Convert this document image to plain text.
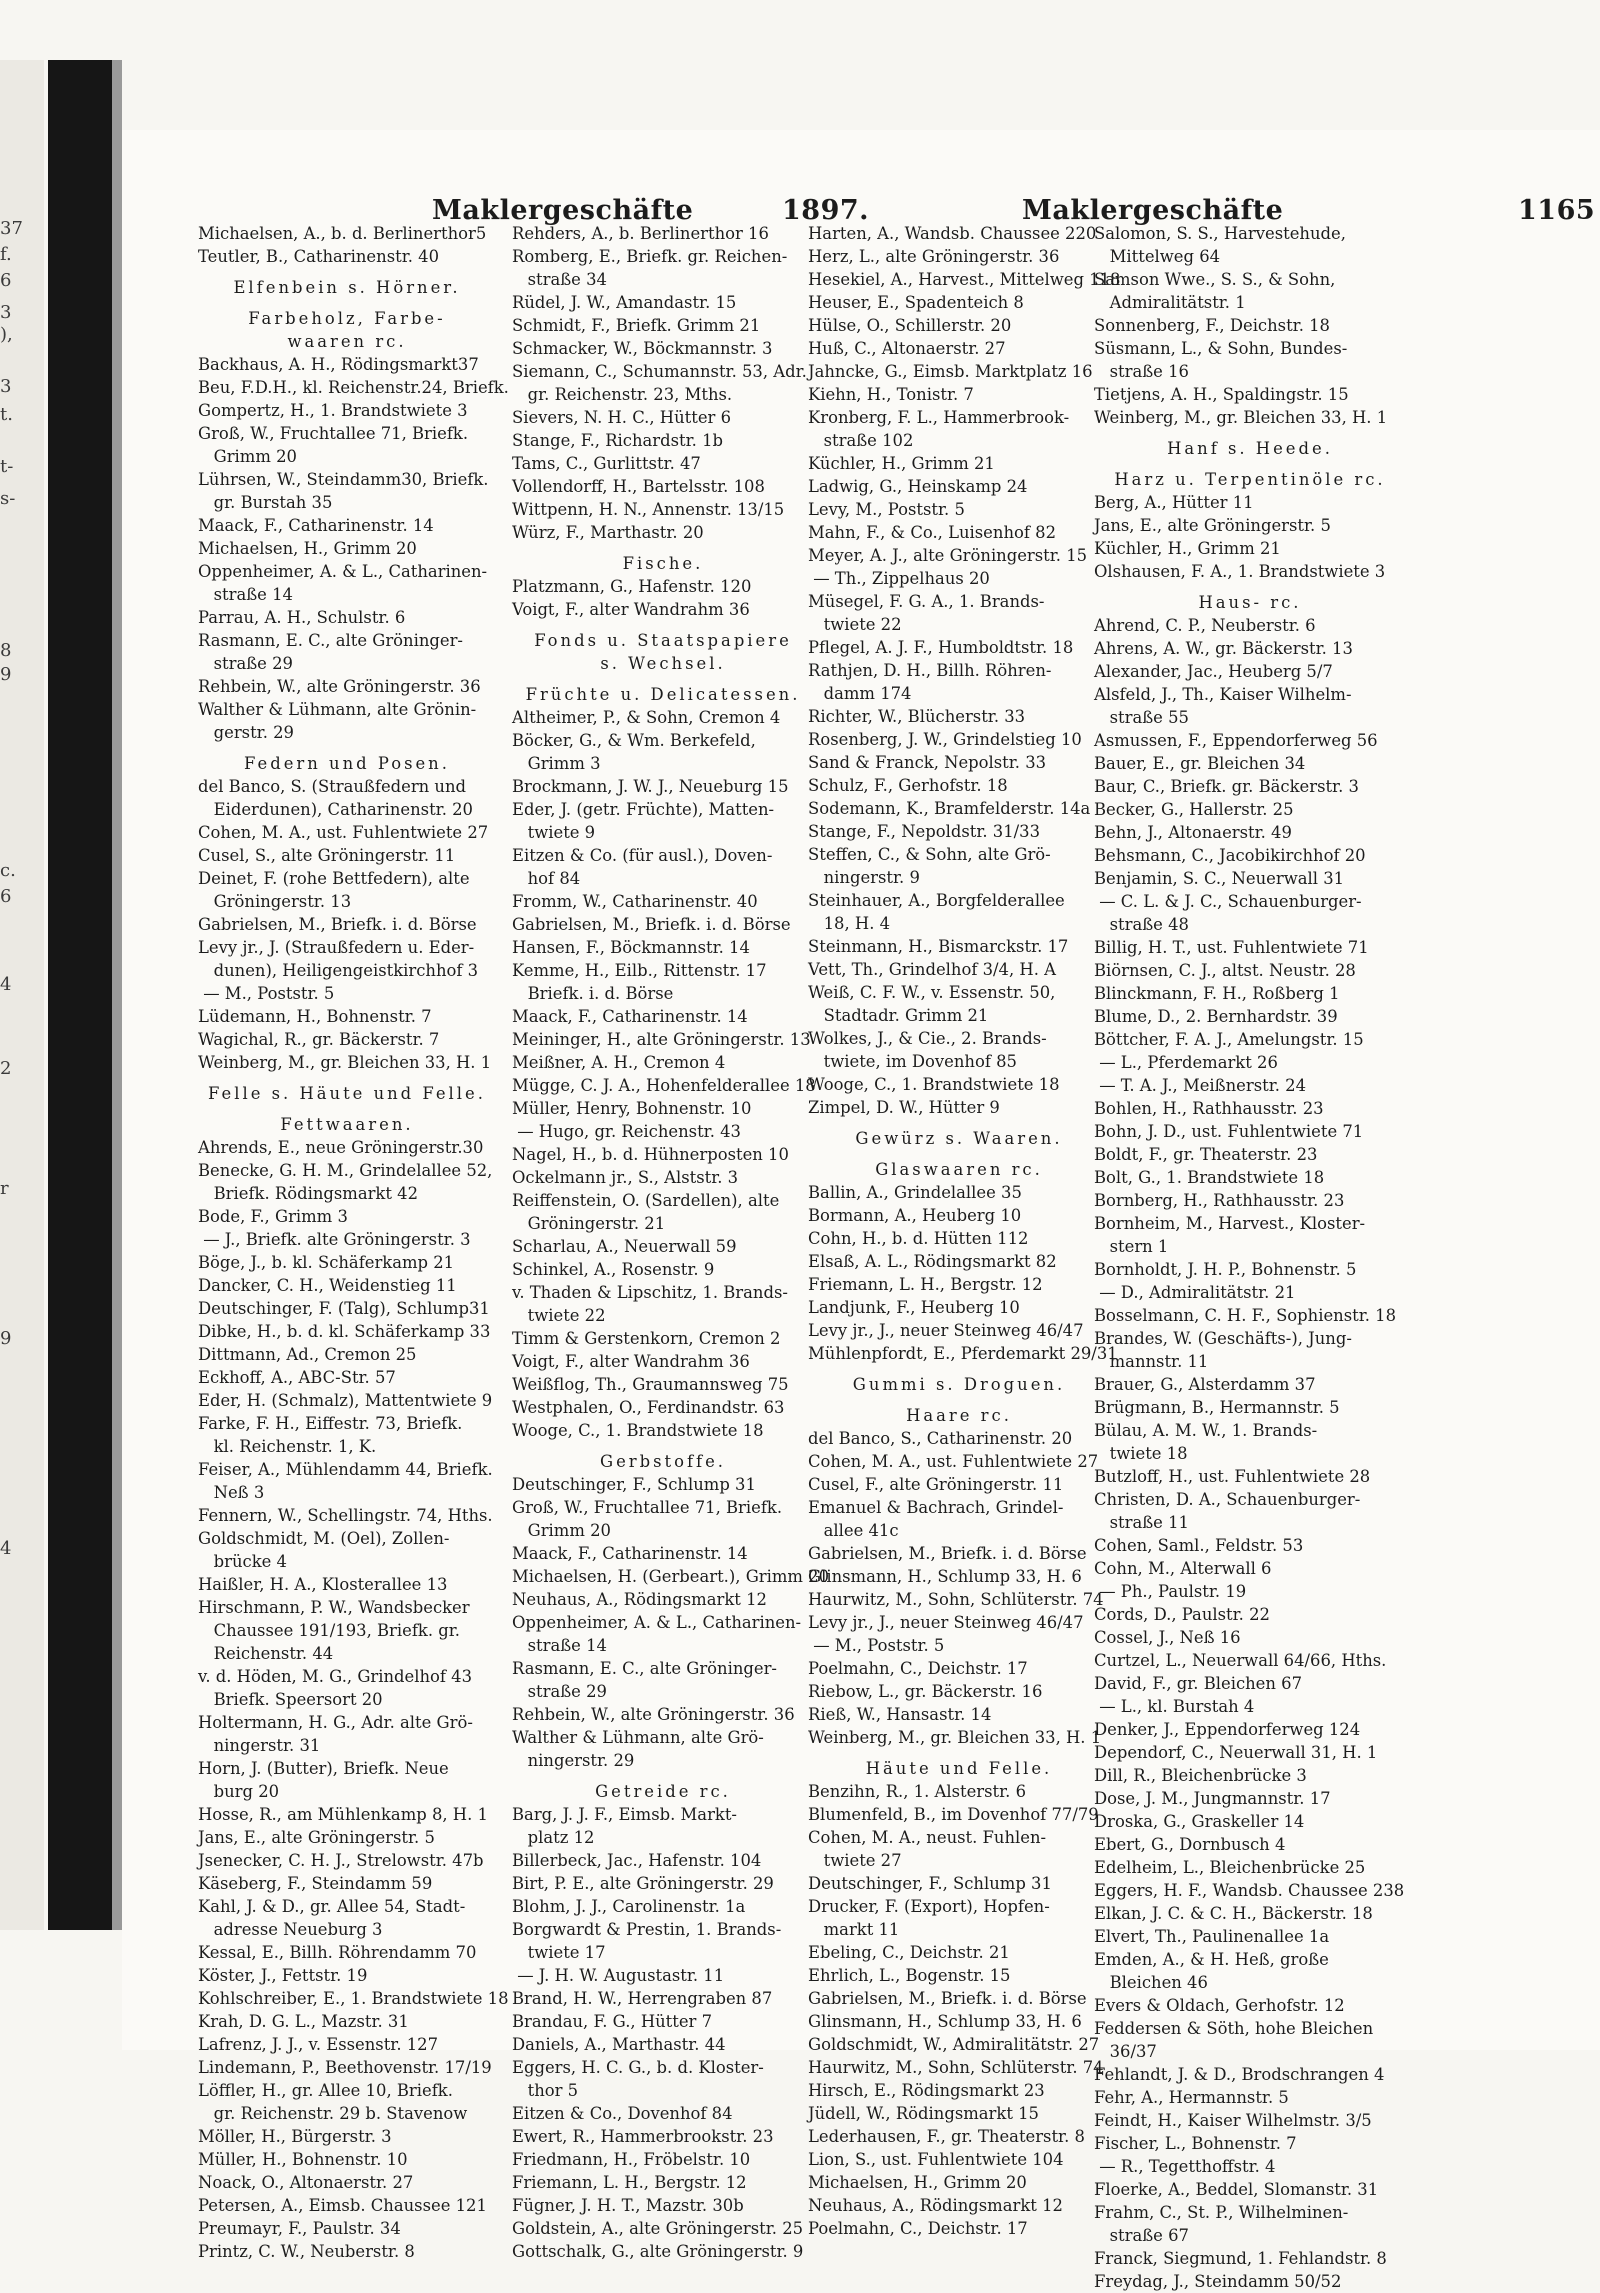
37
f.
6
3
),
3
t.
t-
s-
8
9
c.
6
4
2
r
9
4
Maklergeschäfte	1897.	Maklergeschäfte	1165
Michaelsen, A., b. d. Berlinerthor5
Teutler, B., Catharinenstr. 40
Elfenbein s. Hörner.
Farbeholz, Farbe-
waaren rc.
Backhaus, A. H., Rödingsmarkt37
Beu, F.D.H., kl. Reichenstr.24, Briefk.
Gompertz, H., 1. Brandstwiete 3
Groß, W., Fruchtallee 71, Briefk.
Grimm 20
Lührsen, W., Steindamm30, Briefk.
gr. Burstah 35
Maack, F., Catharinenstr. 14
Michaelsen, H., Grimm 20
Oppenheimer, A. & L., Catharinen-
straße 14
Parrau, A. H., Schulstr. 6
Rasmann, E. C., alte Gröninger-
straße 29
Rehbein, W., alte Gröningerstr. 36
Walther & Lühmann, alte Grönin-
gerstr. 29
Federn und Posen.
del Banco, S. (Straußfedern und
Eiderdunen), Catharinenstr. 20
Cohen, M. A., ust. Fuhlentwiete 27
Cusel, S., alte Gröningerstr. 11
Deinet, F. (rohe Bettfedern), alte
Gröningerstr. 13
Gabrielsen, M., Briefk. i. d. Börse
Levy jr., J. (Straußfedern u. Eder-
dunen), Heiligengeistkirchhof 3
— M., Poststr. 5
Lüdemann, H., Bohnenstr. 7
Wagichal, R., gr. Bäckerstr. 7
Weinberg, M., gr. Bleichen 33, H. 1
Felle s. Häute und Felle.
Fettwaaren.
Ahrends, E., neue Gröningerstr.30
Benecke, G. H. M., Grindelallee 52,
Briefk. Rödingsmarkt 42
Bode, F., Grimm 3
— J., Briefk. alte Gröningerstr. 3
Böge, J., b. kl. Schäferkamp 21
Dancker, C. H., Weidenstieg 11
Deutschinger, F. (Talg), Schlump31
Dibke, H., b. d. kl. Schäferkamp 33
Dittmann, Ad., Cremon 25
Eckhoff, A., ABC-Str. 57
Eder, H. (Schmalz), Mattentwiete 9
Farke, F. H., Eiffestr. 73, Briefk.
kl. Reichenstr. 1, K.
Feiser, A., Mühlendamm 44, Briefk.
Neß 3
Fennern, W., Schellingstr. 74, Hths.
Goldschmidt, M. (Oel), Zollen-
brücke 4
Haißler, H. A., Klosterallee 13
Hirschmann, P. W., Wandsbecker
Chaussee 191/193, Briefk. gr.
Reichenstr. 44
v. d. Höden, M. G., Grindelhof 43
Briefk. Speersort 20
Holtermann, H. G., Adr. alte Grö-
ningerstr. 31
Horn, J. (Butter), Briefk. Neue
burg 20
Hosse, R., am Mühlenkamp 8, H. 1
Jans, E., alte Gröningerstr. 5
Jsenecker, C. H. J., Strelowstr. 47b
Käseberg, F., Steindamm 59
Kahl, J. & D., gr. Allee 54, Stadt-
adresse Neueburg 3
Kessal, E., Billh. Röhrendamm 70
Köster, J., Fettstr. 19
Kohlschreiber, E., 1. Brandstwiete 18
Krah, D. G. L., Mazstr. 31
Lafrenz, J. J., v. Essenstr. 127
Lindemann, P., Beethovenstr. 17/19
Löffler, H., gr. Allee 10, Briefk.
gr. Reichenstr. 29 b. Stavenow
Möller, H., Bürgerstr. 3
Müller, H., Bohnenstr. 10
Noack, O., Altonaerstr. 27
Petersen, A., Eimsb. Chaussee 121
Preumayr, F., Paulstr. 34
Printz, C. W., Neuberstr. 8
Rehders, A., b. Berlinerthor 16
Romberg, E., Briefk. gr. Reichen-
straße 34
Rüdel, J. W., Amandastr. 15
Schmidt, F., Briefk. Grimm 21
Schmacker, W., Böckmannstr. 3
Siemann, C., Schumannstr. 53, Adr.
gr. Reichenstr. 23, Mths.
Sievers, N. H. C., Hütter 6
Stange, F., Richardstr. 1b
Tams, C., Gurlittstr. 47
Vollendorff, H., Bartelsstr. 108
Wittpenn, H. N., Annenstr. 13/15
Würz, F., Marthastr. 20
Fische.
Platzmann, G., Hafenstr. 120
Voigt, F., alter Wandrahm 36
Fonds u. Staatspapiere
s. Wechsel.
Früchte u. Delicatessen.
Altheimer, P., & Sohn, Cremon 4
Böcker, G., & Wm. Berkefeld,
Grimm 3
Brockmann, J. W. J., Neueburg 15
Eder, J. (getr. Früchte), Matten-
twiete 9
Eitzen & Co. (für ausl.), Doven-
hof 84
Fromm, W., Catharinenstr. 40
Gabrielsen, M., Briefk. i. d. Börse
Hansen, F., Böckmannstr. 14
Kemme, H., Eilb., Rittenstr. 17
Briefk. i. d. Börse
Maack, F., Catharinenstr. 14
Meininger, H., alte Gröningerstr. 13
Meißner, A. H., Cremon 4
Mügge, C. J. A., Hohenfelderallee 18
Müller, Henry, Bohnenstr. 10
— Hugo, gr. Reichenstr. 43
Nagel, H., b. d. Hühnerposten 10
Ockelmann jr., S., Alststr. 3
Reiffenstein, O. (Sardellen), alte
Gröningerstr. 21
Scharlau, A., Neuerwall 59
Schinkel, A., Rosenstr. 9
v. Thaden & Lipschitz, 1. Brands-
twiete 22
Timm & Gerstenkorn, Cremon 2
Voigt, F., alter Wandrahm 36
Weißflog, Th., Graumannsweg 75
Westphalen, O., Ferdinandstr. 63
Wooge, C., 1. Brandstwiete 18
Gerbstoffe.
Deutschinger, F., Schlump 31
Groß, W., Fruchtallee 71, Briefk.
Grimm 20
Maack, F., Catharinenstr. 14
Michaelsen, H. (Gerbeart.), Grimm 20
Neuhaus, A., Rödingsmarkt 12
Oppenheimer, A. & L., Catharinen-
straße 14
Rasmann, E. C., alte Gröninger-
straße 29
Rehbein, W., alte Gröningerstr. 36
Walther & Lühmann, alte Grö-
ningerstr. 29
Getreide rc.
Barg, J. J. F., Eimsb. Markt-
platz 12
Billerbeck, Jac., Hafenstr. 104
Birt, P. E., alte Gröningerstr. 29
Blohm, J. J., Carolinenstr. 1a
Borgwardt & Prestin, 1. Brands-
twiete 17
— J. H. W. Augustastr. 11
Brand, H. W., Herrengraben 87
Brandau, F. G., Hütter 7
Daniels, A., Marthastr. 44
Eggers, H. C. G., b. d. Kloster-
thor 5
Eitzen & Co., Dovenhof 84
Ewert, R., Hammerbrookstr. 23
Friedmann, H., Fröbelstr. 10
Friemann, L. H., Bergstr. 12
Fügner, J. H. T., Mazstr. 30b
Goldstein, A., alte Gröningerstr. 25
Gottschalk, G., alte Gröningerstr. 9
Harten, A., Wandsb. Chaussee 220
Herz, L., alte Gröningerstr. 36
Hesekiel, A., Harvest., Mittelweg 118
Heuser, E., Spadenteich 8
Hülse, O., Schillerstr. 20
Huß, C., Altonaerstr. 27
Jahncke, G., Eimsb. Marktplatz 16
Kiehn, H., Tonistr. 7
Kronberg, F. L., Hammerbrook-
straße 102
Küchler, H., Grimm 21
Ladwig, G., Heinskamp 24
Levy, M., Poststr. 5
Mahn, F., & Co., Luisenhof 82
Meyer, A. J., alte Gröningerstr. 15
— Th., Zippelhaus 20
Müsegel, F. G. A., 1. Brands-
twiete 22
Pflegel, A. J. F., Humboldtstr. 18
Rathjen, D. H., Billh. Röhren-
damm 174
Richter, W., Blücherstr. 33
Rosenberg, J. W., Grindelstieg 10
Sand & Franck, Nepolstr. 33
Schulz, F., Gerhofstr. 18
Sodemann, K., Bramfelderstr. 14a
Stange, F., Nepoldstr. 31/33
Steffen, C., & Sohn, alte Grö-
ningerstr. 9
Steinhauer, A., Borgfelderallee
18, H. 4
Steinmann, H., Bismarckstr. 17
Vett, Th., Grindelhof 3/4, H. A
Weiß, C. F. W., v. Essenstr. 50,
Stadtadr. Grimm 21
Wolkes, J., & Cie., 2. Brands-
twiete, im Dovenhof 85
Wooge, C., 1. Brandstwiete 18
Zimpel, D. W., Hütter 9
Gewürz s. Waaren.
Glaswaaren rc.
Ballin, A., Grindelallee 35
Bormann, A., Heuberg 10
Cohn, H., b. d. Hütten 112
Elsaß, A. L., Rödingsmarkt 82
Friemann, L. H., Bergstr. 12
Landjunk, F., Heuberg 10
Levy jr., J., neuer Steinweg 46/47
Mühlenpfordt, E., Pferdemarkt 29/31
Gummi s. Droguen.
Haare rc.
del Banco, S., Catharinenstr. 20
Cohen, M. A., ust. Fuhlentwiete 27
Cusel, F., alte Gröningerstr. 11
Emanuel & Bachrach, Grindel-
allee 41c
Gabrielsen, M., Briefk. i. d. Börse
Glinsmann, H., Schlump 33, H. 6
Haurwitz, M., Sohn, Schlüterstr. 74
Levy jr., J., neuer Steinweg 46/47
— M., Poststr. 5
Poelmahn, C., Deichstr. 17
Riebow, L., gr. Bäckerstr. 16
Rieß, W., Hansastr. 14
Weinberg, M., gr. Bleichen 33, H. 1
Häute und Felle.
Benzihn, R., 1. Alsterstr. 6
Blumenfeld, B., im Dovenhof 77/79
Cohen, M. A., neust. Fuhlen-
twiete 27
Deutschinger, F., Schlump 31
Drucker, F. (Export), Hopfen-
markt 11
Ebeling, C., Deichstr. 21
Ehrlich, L., Bogenstr. 15
Gabrielsen, M., Briefk. i. d. Börse
Glinsmann, H., Schlump 33, H. 6
Goldschmidt, W., Admiralitätstr. 27
Haurwitz, M., Sohn, Schlüterstr. 74
Hirsch, E., Rödingsmarkt 23
Jüdell, W., Rödingsmarkt 15
Lederhausen, F., gr. Theaterstr. 8
Lion, S., ust. Fuhlentwiete 104
Michaelsen, H., Grimm 20
Neuhaus, A., Rödingsmarkt 12
Poelmahn, C., Deichstr. 17
Salomon, S. S., Harvestehude,
Mittelweg 64
Samson Wwe., S. S., & Sohn,
Admiralitätstr. 1
Sonnenberg, F., Deichstr. 18
Süsmann, L., & Sohn, Bundes-
straße 16
Tietjens, A. H., Spaldingstr. 15
Weinberg, M., gr. Bleichen 33, H. 1
Hanf s. Heede.
Harz u. Terpentinöle rc.
Berg, A., Hütter 11
Jans, E., alte Gröningerstr. 5
Küchler, H., Grimm 21
Olshausen, F. A., 1. Brandstwiete 3
Haus- rc.
Ahrend, C. P., Neuberstr. 6
Ahrens, A. W., gr. Bäckerstr. 13
Alexander, Jac., Heuberg 5/7
Alsfeld, J., Th., Kaiser Wilhelm-
straße 55
Asmussen, F., Eppendorferweg 56
Bauer, E., gr. Bleichen 34
Baur, C., Briefk. gr. Bäckerstr. 3
Becker, G., Hallerstr. 25
Behn, J., Altonaerstr. 49
Behsmann, C., Jacobikirchhof 20
Benjamin, S. C., Neuerwall 31
— C. L. & J. C., Schauenburger-
straße 48
Billig, H. T., ust. Fuhlentwiete 71
Biörnsen, C. J., altst. Neustr. 28
Blinckmann, F. H., Roßberg 1
Blume, D., 2. Bernhardstr. 39
Böttcher, F. A. J., Amelungstr. 15
— L., Pferdemarkt 26
— T. A. J., Meißnerstr. 24
Bohlen, H., Rathhausstr. 23
Bohn, J. D., ust. Fuhlentwiete 71
Boldt, F., gr. Theaterstr. 23
Bolt, G., 1. Brandstwiete 18
Bornberg, H., Rathhausstr. 23
Bornheim, M., Harvest., Kloster-
stern 1
Bornholdt, J. H. P., Bohnenstr. 5
— D., Admiralitätstr. 21
Bosselmann, C. H. F., Sophienstr. 18
Brandes, W. (Geschäfts-), Jung-
mannstr. 11
Brauer, G., Alsterdamm 37
Brügmann, B., Hermannstr. 5
Bülau, A. M. W., 1. Brands-
twiete 18
Butzloff, H., ust. Fuhlentwiete 28
Christen, D. A., Schauenburger-
straße 11
Cohen, Saml., Feldstr. 53
Cohn, M., Alterwall 6
— Ph., Paulstr. 19
Cords, D., Paulstr. 22
Cossel, J., Neß 16
Curtzel, L., Neuerwall 64/66, Hths.
David, F., gr. Bleichen 67
— L., kl. Burstah 4
Denker, J., Eppendorferweg 124
Dependorf, C., Neuerwall 31, H. 1
Dill, R., Bleichenbrücke 3
Dose, J. M., Jungmannstr. 17
Droska, G., Graskeller 14
Ebert, G., Dornbusch 4
Edelheim, L., Bleichenbrücke 25
Eggers, H. F., Wandsb. Chaussee 238
Elkan, J. C. & C. H., Bäckerstr. 18
Elvert, Th., Paulinenallee 1a
Emden, A., & H. Heß, große
Bleichen 46
Evers & Oldach, Gerhofstr. 12
Feddersen & Söth, hohe Bleichen
36/37
Fehlandt, J. & D., Brodschrangen 4
Fehr, A., Hermannstr. 5
Feindt, H., Kaiser Wilhelmstr. 3/5
Fischer, L., Bohnenstr. 7
— R., Tegetthoffstr. 4
Floerke, A., Beddel, Slomanstr. 31
Frahm, C., St. P., Wilhelminen-
straße 67
Franck, Siegmund, 1. Fehlandstr. 8
Freydag, J., Steindamm 50/52
